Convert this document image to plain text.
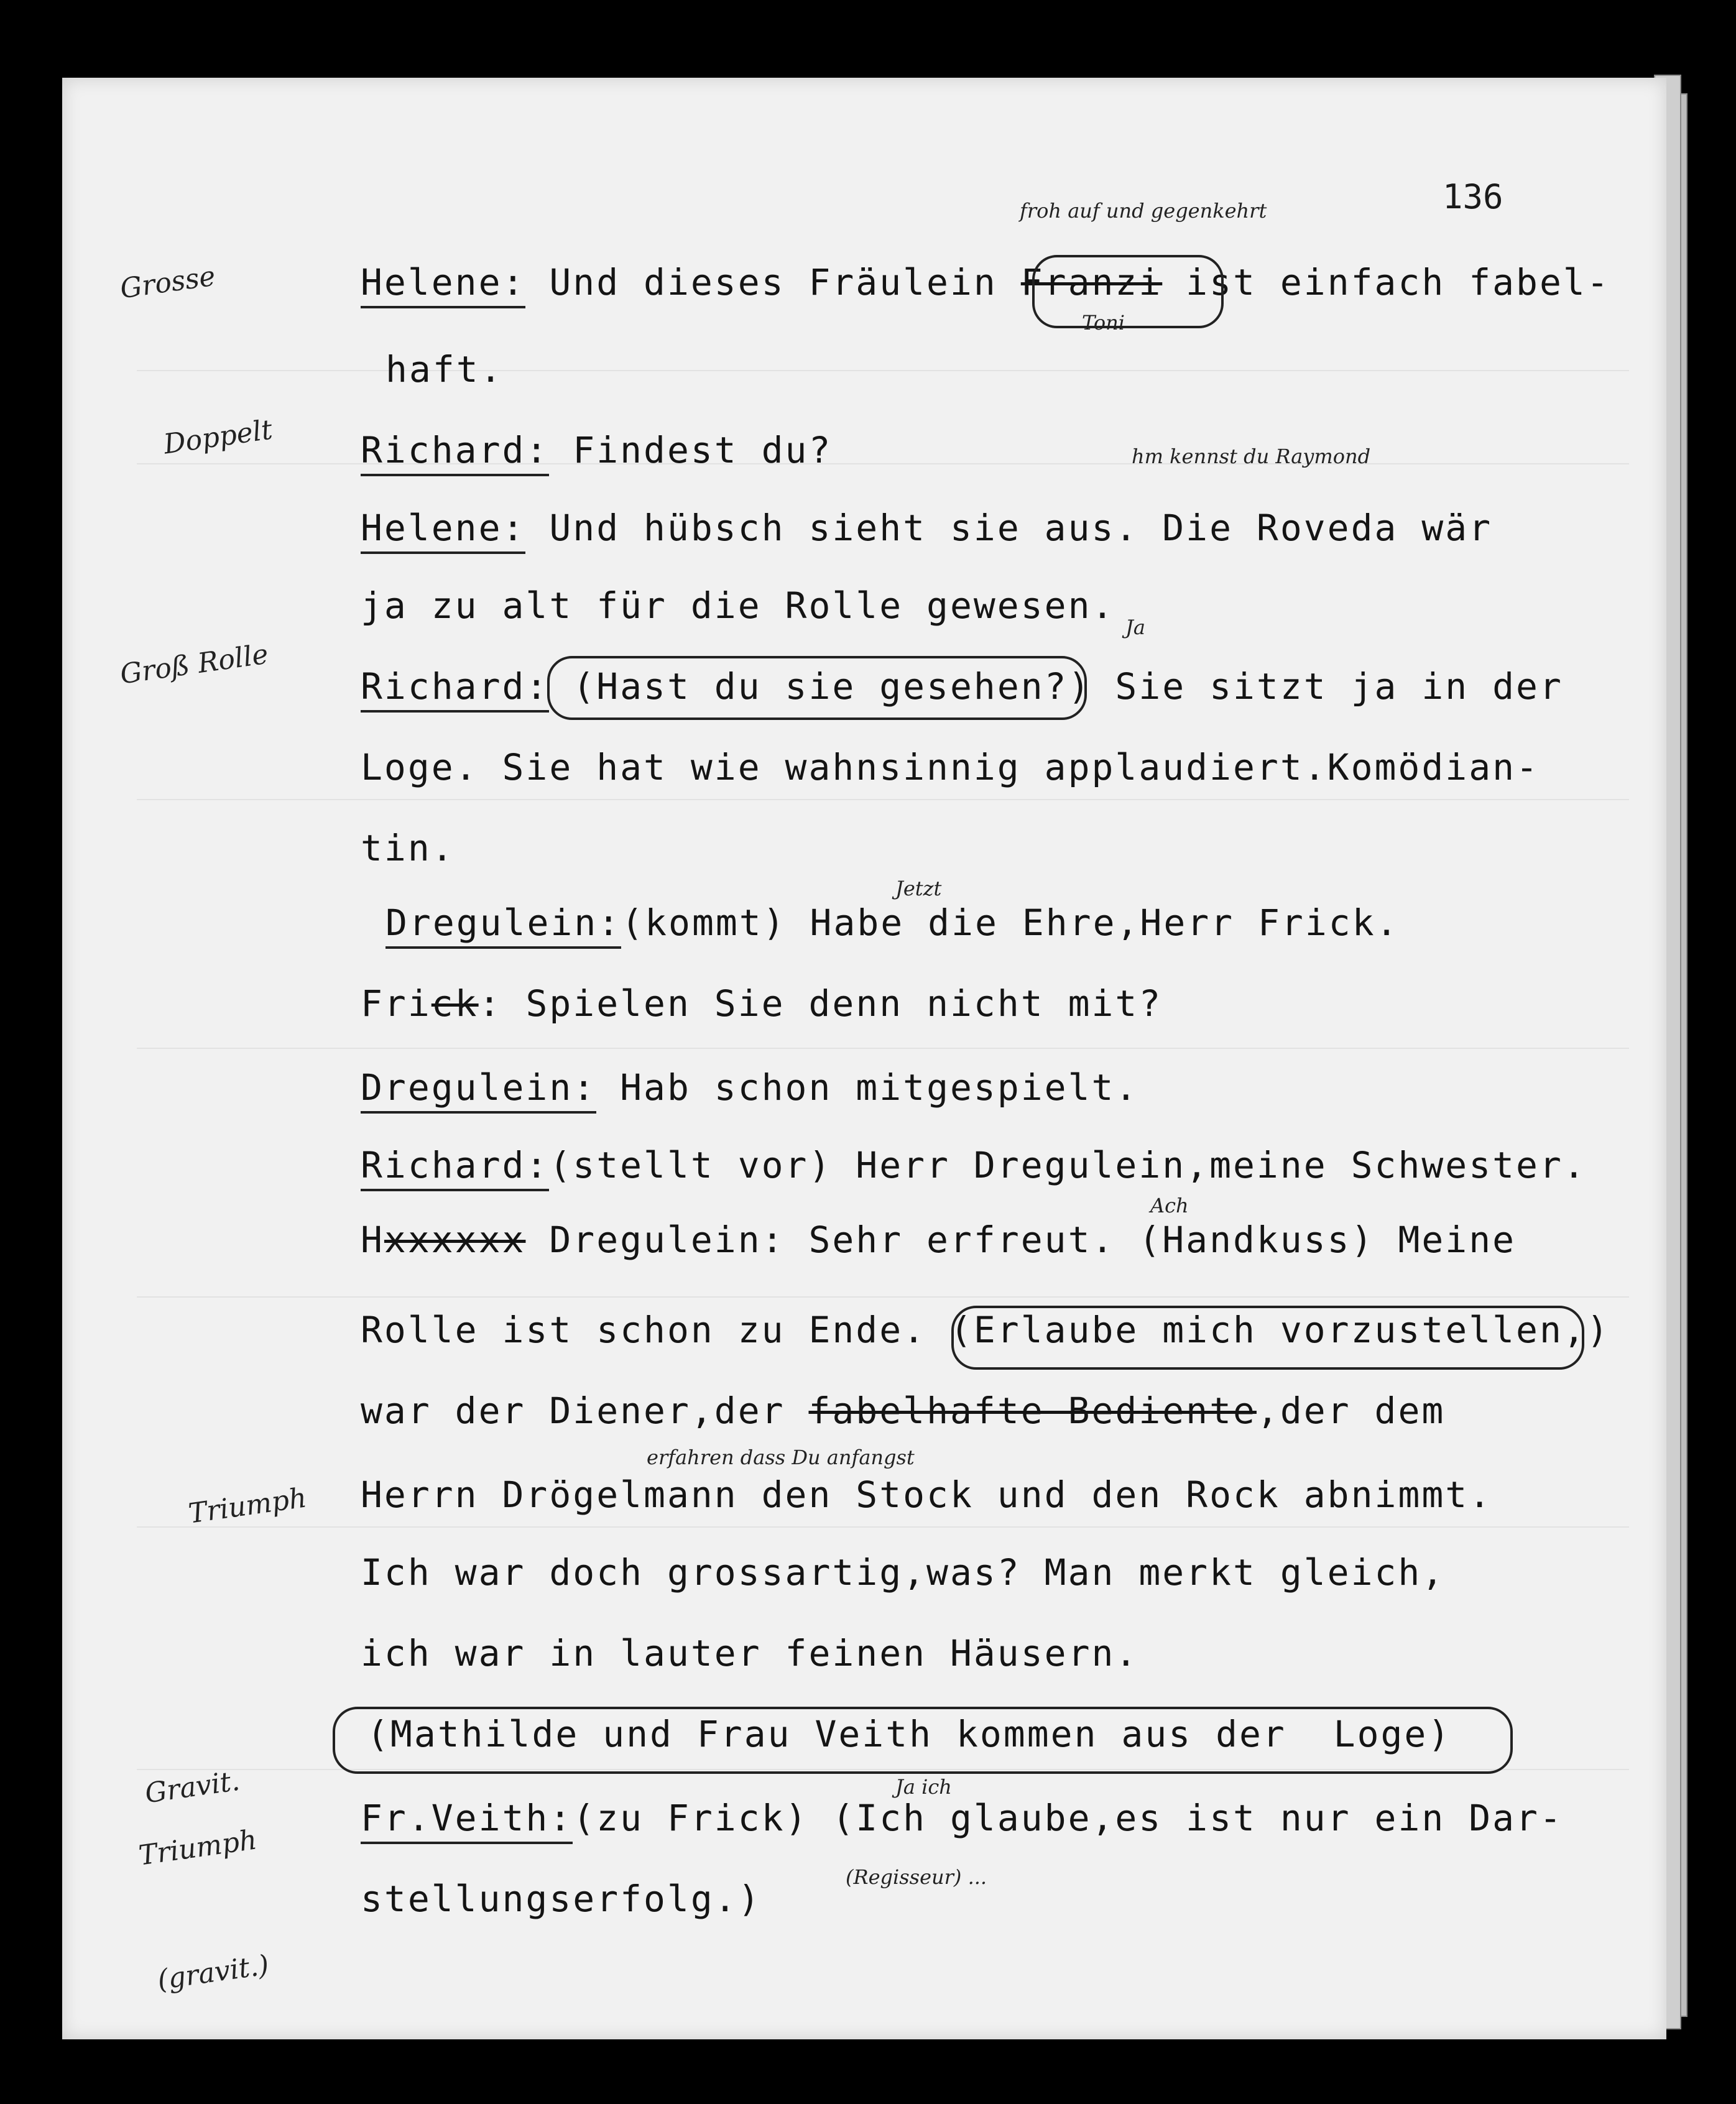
136
Helene: Und dieses Fräulein Franzi ist einfach fabel-
haft.
Richard: Findest du?
Helene: Und hübsch sieht sie aus. Die Roveda wär
ja zu alt für die Rolle gewesen.
Richard: (Hast du sie gesehen?) Sie sitzt ja in der
Loge. Sie hat wie wahnsinnig applaudiert.Komödian-
tin.
Dregulein:(kommt) Habe die Ehre,Herr Frick.
Frick: Spielen Sie denn nicht mit?
Dregulein: Hab schon mitgespielt.
Richard:(stellt vor) Herr Dregulein,meine Schwester.
Hxxxxxx Dregulein: Sehr erfreut. (Handkuss) Meine
Rolle ist schon zu Ende. (Erlaube mich vorzustellen,)
war der Diener,der fabelhafte Bediente,der dem
Herrn Drögelmann den Stock und den Rock abnimmt.
Ich war doch grossartig,was? Man merkt gleich,
ich war in lauter feinen Häusern.
(Mathilde und Frau Veith kommen aus der  Loge)
Fr.Veith:(zu Frick) (Ich glaube,es ist nur ein Dar-
stellungserfolg.)
Grosse
Doppelt
Groß Rolle
Triumph
Gravit.
Triumph
(gravit.)
froh auf und gegenkehrt
Toni
hm kennst du Raymond
Ja
Jetzt
Ach
erfahren dass Du anfangst
Ja ich
(Regisseur) ...
